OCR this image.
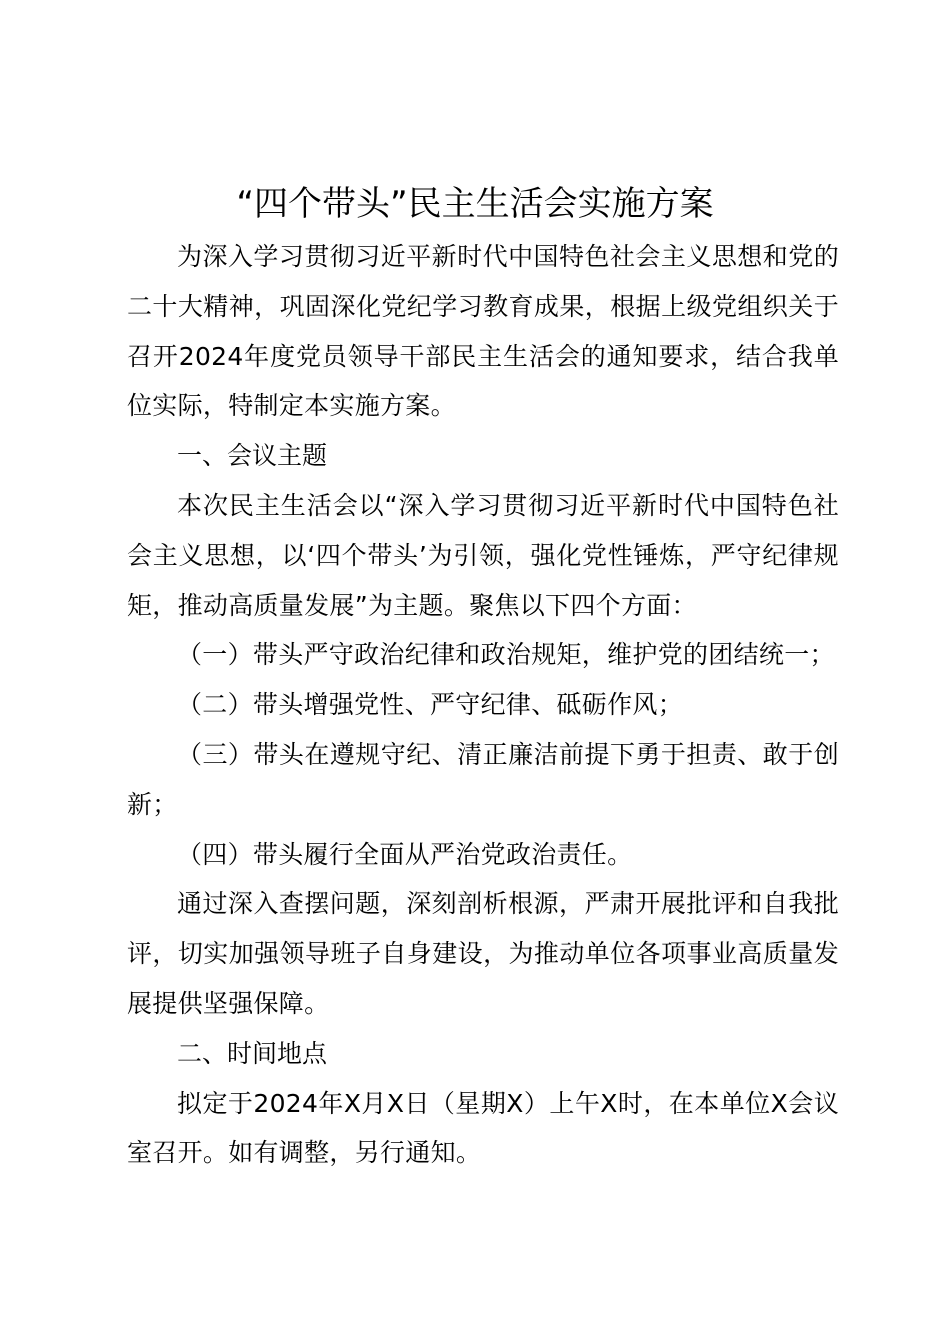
“四个带头”民主生活会实施方案

为深入学习贯彻习近平新时代中国特色社会主义思想和党的二十大精神，巩固深化党纪学习教育成果，根据上级党组织关于召开2024年度党员领导干部民主生活会的通知要求，结合我单位实际，特制定本实施方案。

一、会议主题

本次民主生活会以“深入学习贯彻习近平新时代中国特色社会主义思想，以‘四个带头’为引领，强化党性锤炼，严守纪律规矩，推动高质量发展”为主题。聚焦以下四个方面：

（一）带头严守政治纪律和政治规矩，维护党的团结统一；

（二）带头增强党性、严守纪律、砥砺作风；

（三）带头在遵规守纪、清正廉洁前提下勇于担责、敢于创新；

（四）带头履行全面从严治党政治责任。

通过深入查摆问题，深刻剖析根源，严肃开展批评和自我批评，切实加强领导班子自身建设，为推动单位各项事业高质量发展提供坚强保障。

二、时间地点

拟定于2024年X月X日（星期X）上午X时，在本单位X会议室召开。如有调整，另行通知。
